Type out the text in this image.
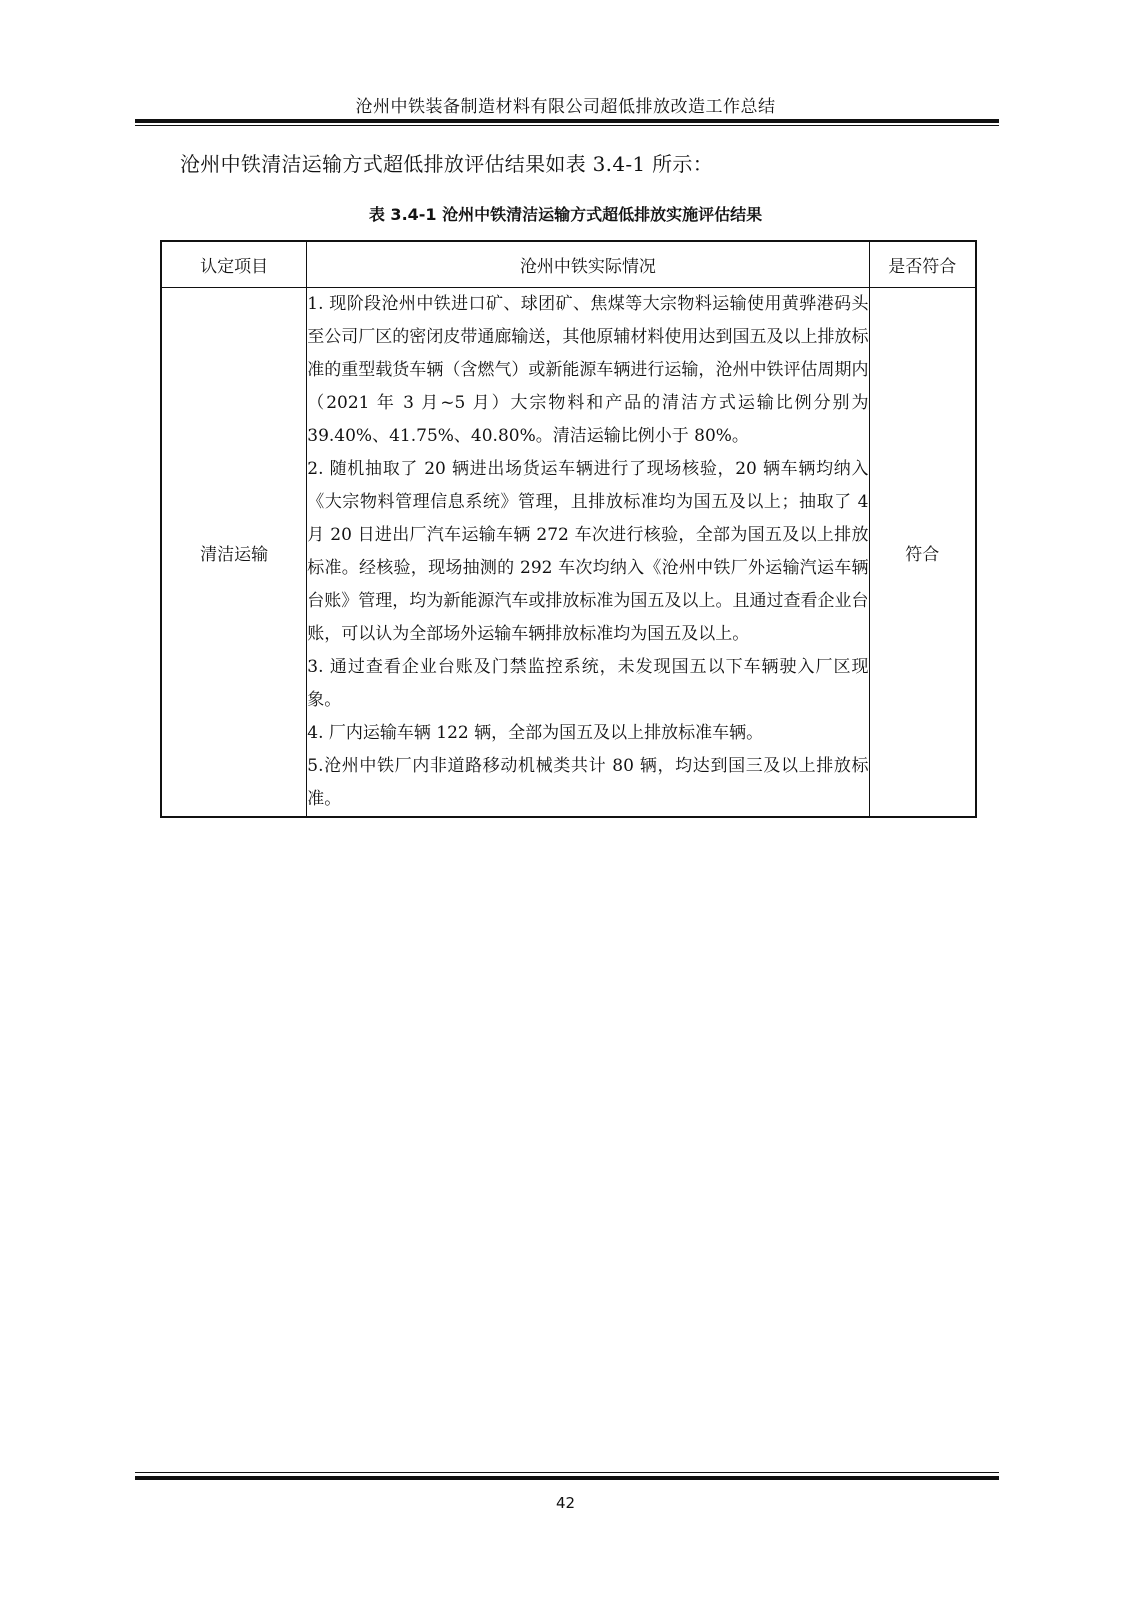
沧州中铁装备制造材料有限公司超低排放改造工作总结
沧州中铁清洁运输方式超低排放评估结果如表 3.4-1 所示：
表 3.4-1 沧州中铁清洁运输方式超低排放实施评估结果
认定项目	沧州中铁实际情况	是否符合
清洁运输	1. 现阶段沧州中铁进口矿、球团矿、焦煤等大宗物料运输使用黄骅港码头至公司厂区的密闭皮带通廊输送，其他原辅材料使用达到国五及以上排放标准的重型载货车辆（含燃气）或新能源车辆进行运输，沧州中铁评估周期内（2021 年 3 月~5 月）大宗物料和产品的清洁方式运输比例分别为 39.40%、41.75%、40.80%。清洁运输比例小于 80%。

2. 随机抽取了 20 辆进出场货运车辆进行了现场核验，20 辆车辆均纳入《大宗物料管理信息系统》管理，且排放标准均为国五及以上；抽取了 4 月 20 日进出厂汽车运输车辆 272 车次进行核验，全部为国五及以上排放标准。经核验，现场抽测的 292 车次均纳入《沧州中铁厂外运输汽运车辆台账》管理，均为新能源汽车或排放标准为国五及以上。且通过查看企业台账，可以认为全部场外运输车辆排放标准均为国五及以上。

3. 通过查看企业台账及门禁监控系统，未发现国五以下车辆驶入厂区现象。

4. 厂内运输车辆 122 辆，全部为国五及以上排放标准车辆。

5.沧州中铁厂内非道路移动机械类共计 80 辆，均达到国三及以上排放标准。	符合
42
